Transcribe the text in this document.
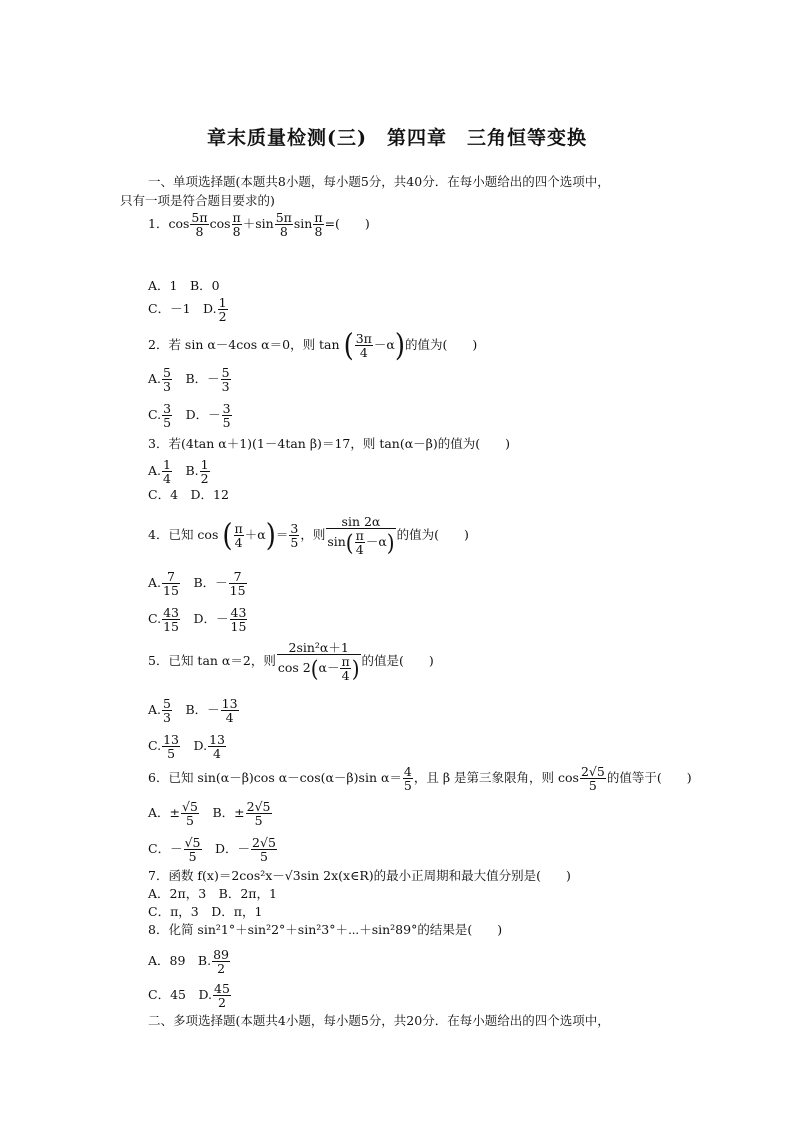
章末质量检测(三)　第四章　三角恒等变换
一、单项选择题(本题共8小题，每小题5分，共40分．在每小题给出的四个选项中，
只有一项是符合题目要求的)
1．$\cos \frac{5\pi}{8}$ $\cos \frac{\pi}{8} +\sin \frac{5\pi}{8}$ $\sin \frac{\pi}{8}$ =(　　)
A．1　B．0
C．－1　D. $\frac{1}{2}$
2．若 sin α－4cos α＝0，则 tan ( $\frac{3\pi}{4} -\alpha$)的值为(　　)
A. $\frac{5}{3}$
　 B．－ $\frac{5}{3}$
C. $\frac{3}{5}$
　 D．－ $\frac{3}{5}$
3．若(4tan α＋1)(1－4tan β)＝17，则 tan(α－β)的值为(　　)
A. $\frac{1}{4}$
　 B. $\frac{1}{2}$
C．4　D．12
4．已知 cos ( $\frac{\pi}{4} +\alpha)= \frac{3}{5}$ ，则 $\frac{\sin 2\alpha}{\sin( \frac{\pi}{4} -\alpha)}$ 的值为(　　)
A. $\frac{7}{15}$
　 B．－ $\frac{7}{15}$
C. $\frac{43}{15}$
　 D．－ $\frac{43}{15}$
5．已知 tan α＝2，则 $\frac{\text{2sin²α＋1}}{\cos 2(\alpha- \frac{\pi}{4} )}$ 的值是(　　)
A. $\frac{5}{3}$
　 B．－ $\frac{13}{4}$
C. $\frac{13}{5}$
　 D. $\frac{13}{4}$
6．已知 sin(α－β)cos α－cos(α－β)sin $\alpha= \frac{4}{5}$ ，且 β 是第三象限角，则 $\cos \frac{2√5}{5}$ 的值等于(　　)
A．± $\frac{√5}{5}$
　 B．± $\frac{2√5}{5}$
C．－ $\frac{√5}{5}$
　 D．－ $\frac{2√5}{5}$
7．函数 f(x)＝2cos²x－√3sin 2x(x∈R)的最小正周期和最大值分别是(　　)
A．2π，3　B．2π，1
C．π，3　D．π，1
8．化简 sin²1°＋sin²2°＋sin²3°＋⋯＋sin²89°的结果是(　　)
A．89　B. $\frac{89}{2}$
C．45　D. $\frac{45}{2}$
二、多项选择题(本题共4小题，每小题5分，共20分．在每小题给出的四个选项中，
